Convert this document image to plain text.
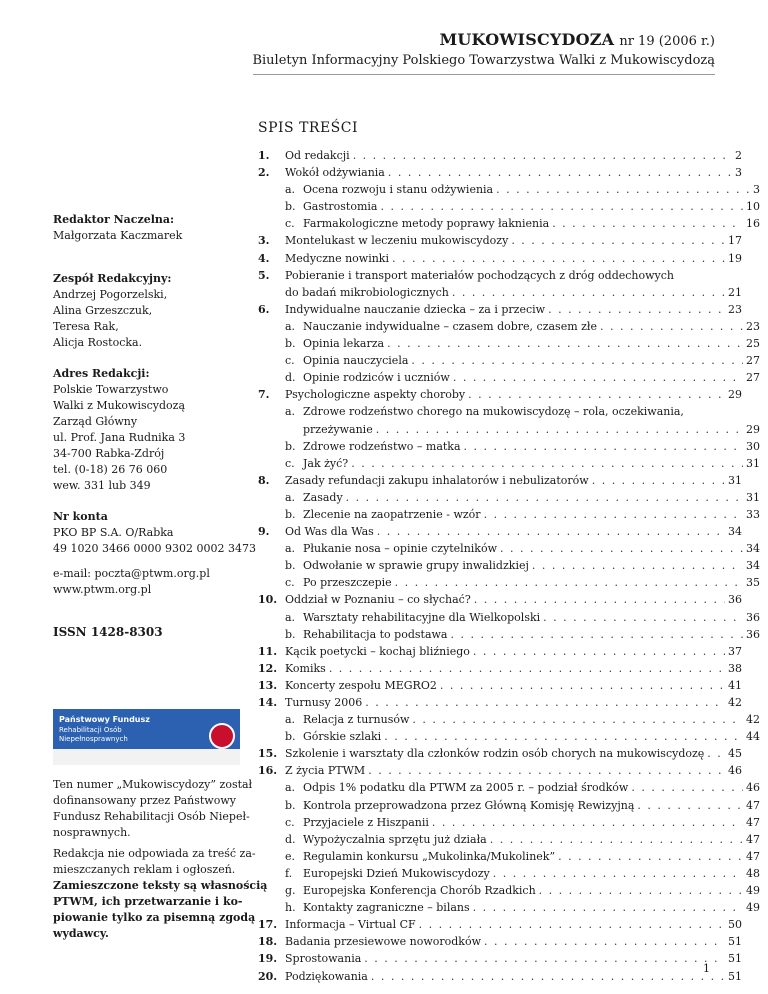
MUKOWISCYDOZA nr 19 (2006 r.)
Biuletyn Informacyjny Polskiego Towarzystwa Walki z Mukowiscydozą
SPIS TREŚCI
Redaktor Naczelna:
Małgorzata Kaczmarek
Zespół Redakcyjny:
Andrzej Pogorzelski,
Alina Grzeszczuk,
Teresa Rak,
Alicja Rostocka.
Adres Redakcji:
Polskie Towarzystwo
Walki z Mukowiscydozą
Zarząd Główny
ul. Prof. Jana Rudnika 3
34-700 Rabka-Zdrój
tel. (0-18) 26 76 060
wew. 331 lub 349
Nr konta
PKO BP S.A. O/Rabka
49 1020 3466 0000 9302 0002 3473
e-mail: poczta@ptwm.org.pl
www.ptwm.org.pl
ISSN 1428-8303
Państwowy Fundusz
Rehabilitacji Osób
Niepełnosprawnych
Ten numer „Mukowiscydozy” został
dofinansowany przez Państwowy
Fundusz Rehabilitacji Osób Niepeł-
nosprawnych.
Redakcja nie odpowiada za treść za-
mieszczanych reklam i ogłoszeń.
Zamieszczone teksty są własnością
PTWM, ich przetwarzanie i ko-
piowanie tylko za pisemną zgodą
wydawcy.
1. Od redakcji . . .	2
2. Wokół odżywiania . . .	3
a. Ocena rozwoju i stanu odżywienia . . .	3
b. Gastrostomia . . .	10
c. Farmakologiczne metody poprawy łaknienia . . .	16
3. Montelukast w leczeniu mukowiscydozy . . .	17
4. Medyczne nowinki . . .	19
5. Pobieranie i transport materiałów pochodzących z dróg oddechowych
do badań mikrobiologicznych . . .	21
6. Indywidualne nauczanie dziecka – za i przeciw . . .	23
a. Nauczanie indywidualne – czasem dobre, czasem złe . . .	23
b. Opinia lekarza . . .	25
c. Opinia nauczyciela . . .	27
d. Opinie rodziców i uczniów . . .	27
7. Psychologiczne aspekty choroby . . .	29
a. Zdrowe rodzeństwo chorego na mukowiscydozę – rola, oczekiwania,
przeżywanie . . .	29
b. Zdrowe rodzeństwo – matka . . .	30
c. Jak żyć? . . .	31
8. Zasady refundacji zakupu inhalatorów i nebulizatorów . . .	31
a. Zasady . . .	31
b. Zlecenie na zaopatrzenie - wzór . . .	33
9. Od Was dla Was . . .	34
a. Płukanie nosa – opinie czytelników . . .	34
b. Odwołanie w sprawie grupy inwalidzkiej . . .	34
c. Po przeszczepie . . .	35
10. Oddział w Poznaniu – co słychać? . . .	36
a. Warsztaty rehabilitacyjne dla Wielkopolski . . .	36
b. Rehabilitacja to podstawa . . .	36
11. Kącik poetycki – kochaj bliźniego . . .	37
12. Komiks . . .	38
13. Koncerty zespołu MEGRO2 . . .	41
14. Turnusy 2006 . . .	42
a. Relacja z turnusów . . .	42
b. Górskie szlaki . . .	44
15. Szkolenie i warsztaty dla członków rodzin osób chorych na mukowiscydozę . . . 45
16. Z życia PTWM . . .	46
a. Odpis 1% podatku dla PTWM za 2005 r. – podział środków . . .	46
b. Kontrola przeprowadzona przez Główną Komisję Rewizyjną . . .	47
c. Przyjaciele z Hiszpanii . . .	47
d. Wypożyczalnia sprzętu już działa . . .	47
e. Regulamin konkursu „Mukolinka/Mukolinek” . . .	47
f. Europejski Dzień Mukowiscydozy . . .	48
g. Europejska Konferencja Chorób Rzadkich . . .	49
h. Kontakty zagraniczne – bilans . . .	49
17. Informacja – Virtual CF . . .	50
18. Badania przesiewowe noworodków . . .	51
19. Sprostowania . . .	51
20. Podziękowania . . .	51
1
